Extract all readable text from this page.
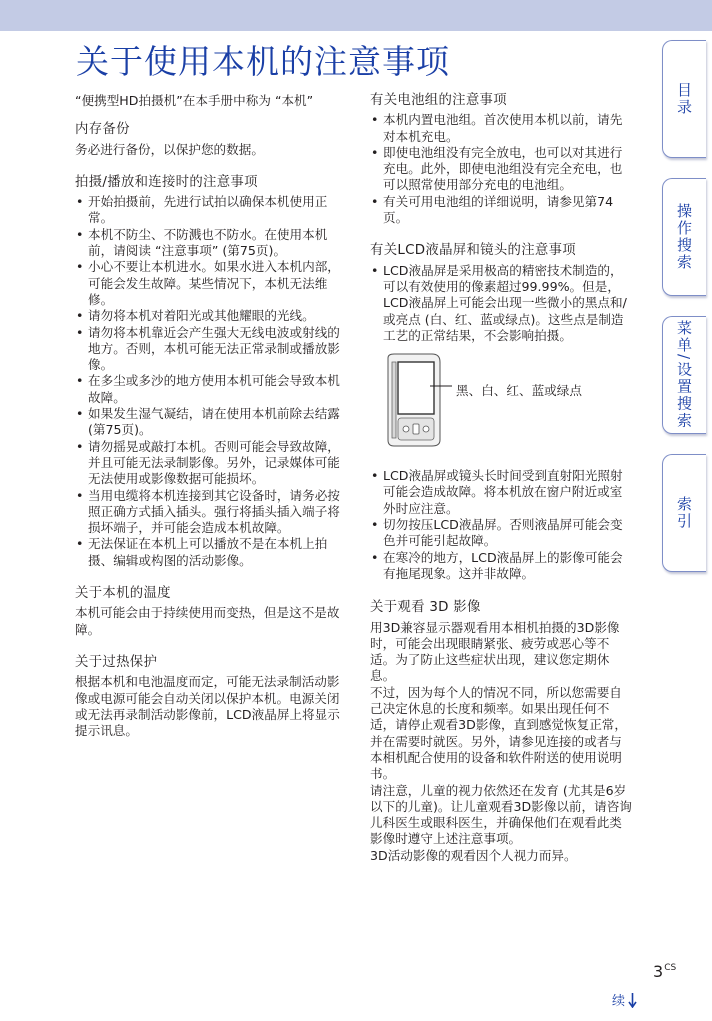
关于使用本机的注意事项
目录
操作搜索
菜单/设置搜索
索引

“便携型HD拍摄机”在本手册中称为 “本机”

内存备份

务必进行备份，以保护您的数据。

拍摄/播放和连接时的注意事项
• 开始拍摄前，先进行试拍以确保本机使用正常。
• 本机不防尘、不防溅也不防水。在使用本机前，请阅读 “注意事项” (第75页)。
• 小心不要让本机进水。如果水进入本机内部，可能会发生故障。某些情况下，本机无法维修。
• 请勿将本机对着阳光或其他耀眼的光线。
• 请勿将本机靠近会产生强大无线电波或射线的地方。否则，本机可能无法正常录制或播放影像。
• 在多尘或多沙的地方使用本机可能会导致本机故障。
• 如果发生湿气凝结，请在使用本机前除去结露 (第75页)。
• 请勿摇晃或敲打本机。否则可能会导致故障，并且可能无法录制影像。另外，记录媒体可能无法使用或影像数据可能损坏。
• 当用电缆将本机连接到其它设备时，请务必按照正确方式插入插头。强行将插头插入端子将损坏端子，并可能会造成本机故障。
• 无法保证在本机上可以播放不是在本机上拍摄、编辑或构图的活动影像。
关于本机的温度

本机可能会由于持续使用而变热，但是这不是故障。

关于过热保护

根据本机和电池温度而定，可能无法录制活动影像或电源可能会自动关闭以保护本机。电源关闭或无法再录制活动影像前，LCD液晶屏上将显示提示讯息。

有关电池组的注意事项
• 本机内置电池组。首次使用本机以前，请先对本机充电。
• 即使电池组没有完全放电，也可以对其进行充电。此外，即使电池组没有完全充电，也可以照常使用部分充电的电池组。
• 有关可用电池组的详细说明，请参见第74页。
有关LCD液晶屏和镜头的注意事项
• LCD液晶屏是采用极高的精密技术制造的，可以有效使用的像素超过99.99%。但是，LCD液晶屏上可能会出现一些微小的黑点和/或亮点 (白、红、蓝或绿点)。这些点是制造工艺的正常结果，不会影响拍摄。
黑、白、红、蓝或绿点
• LCD液晶屏或镜头长时间受到直射阳光照射可能会造成故障。将本机放在窗户附近或室外时应注意。
• 切勿按压LCD液晶屏。否则液晶屏可能会变色并可能引起故障。
• 在寒冷的地方，LCD液晶屏上的影像可能会有拖尾现象。这并非故障。
关于观看 3D 影像

用3D兼容显示器观看用本相机拍摄的3D影像时，可能会出现眼睛紧张、疲劳或恶心等不适。为了防止这些症状出现，建议您定期休息。

不过，因为每个人的情况不同，所以您需要自己决定休息的长度和频率。如果出现任何不适，请停止观看3D影像，直到感觉恢复正常，并在需要时就医。另外，请参见连接的或者与本相机配合使用的设备和软件附送的使用说明书。

请注意，儿童的视力依然还在发育 (尤其是6岁以下的儿童)。让儿童观看3D影像以前，请咨询儿科医生或眼科医生，并确保他们在观看此类影像时遵守上述注意事项。

3D活动影像的观看因个人视力而异。

$3^{CS}$
续
